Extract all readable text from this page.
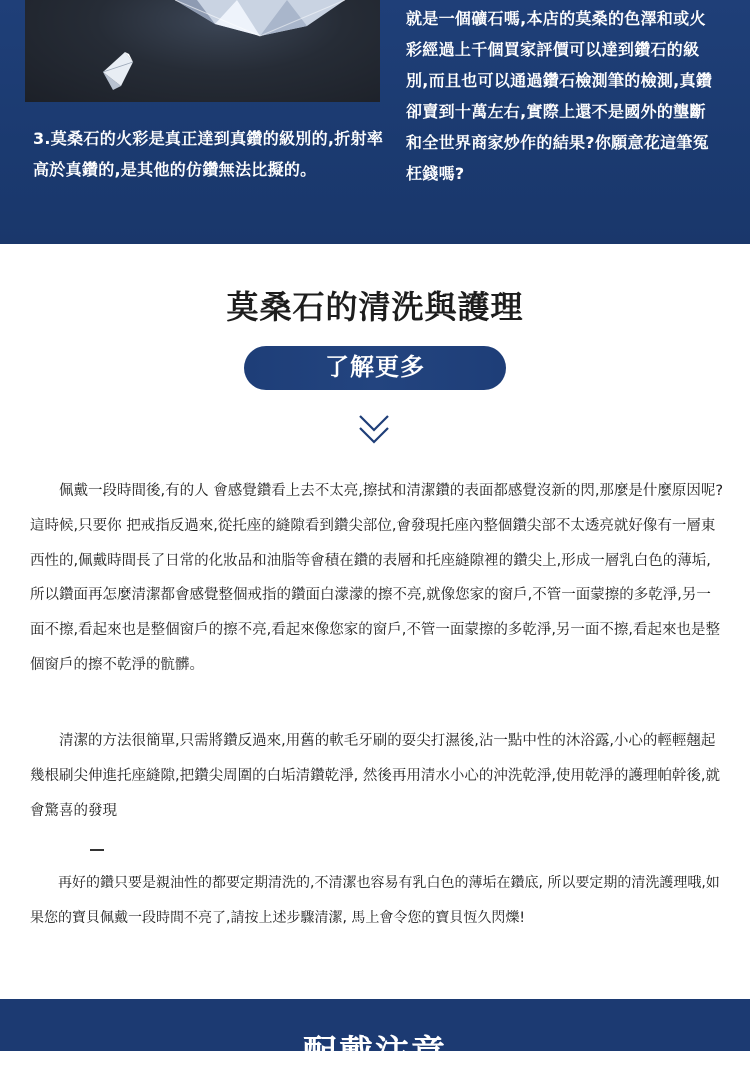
3.莫桑石的火彩是真正達到真鑽的級別的,折射率高於真鑽的,是其他的仿鑽無法比擬的。

就是一個礦石嗎,本店的莫桑的色澤和或火彩經過上千個買家評價可以達到鑽石的級別,而且也可以通過鑽石檢測筆的檢測,真鑽卻賣到十萬左右,實際上還不是國外的壟斷和全世界商家炒作的結果?你願意花這筆冤枉錢嗎?

莫桑石的清洗與護理
了解更多

　　佩戴一段時間後,有的人 會感覺鑽看上去不太亮,擦拭和清潔鑽的表面都感覺沒新的閃,那麼是什麼原因呢?這時候,只要你 把戒指反過來,從托座的縫隙看到鑽尖部位,會發現托座內整個鑽尖部不太透亮就好像有一層東西性的,佩戴時間長了日常的化妝品和油脂等會積在鑽的表層和托座縫隙裡的鑽尖上,形成一層乳白色的薄垢,所以鑽面再怎麼清潔都會感覺整個戒指的鑽面白濛濛的擦不亮,就像您家的窗戶,不管一面蒙擦的多乾淨,另一面不擦,看起來也是整個窗戶的擦不亮,看起來像您家的窗戶,不管一面蒙擦的多乾淨,另一面不擦,看起來也是整個窗戶的擦不乾淨的骯髒。

　　清潔的方法很簡單,只需將鑽反過來,用舊的軟毛牙刷的耍尖打濕後,沾一點中性的沐浴露,小心的輕輕翹起幾根刷尖伸進托座縫隙,把鑽尖周圍的白垢清鑽乾淨, 然後再用清水小心的沖洗乾淨,使用乾淨的護理帕幹後,就會驚喜的發現

　　再好的鑽只要是親油性的都要定期清洗的,不清潔也容易有乳白色的薄垢在鑽底, 所以要定期的清洗護理哦,如果您的寶貝佩戴一段時間不亮了,請按上述步驟清潔, 馬上會令您的寶貝恆久閃爍!

配戴注意
